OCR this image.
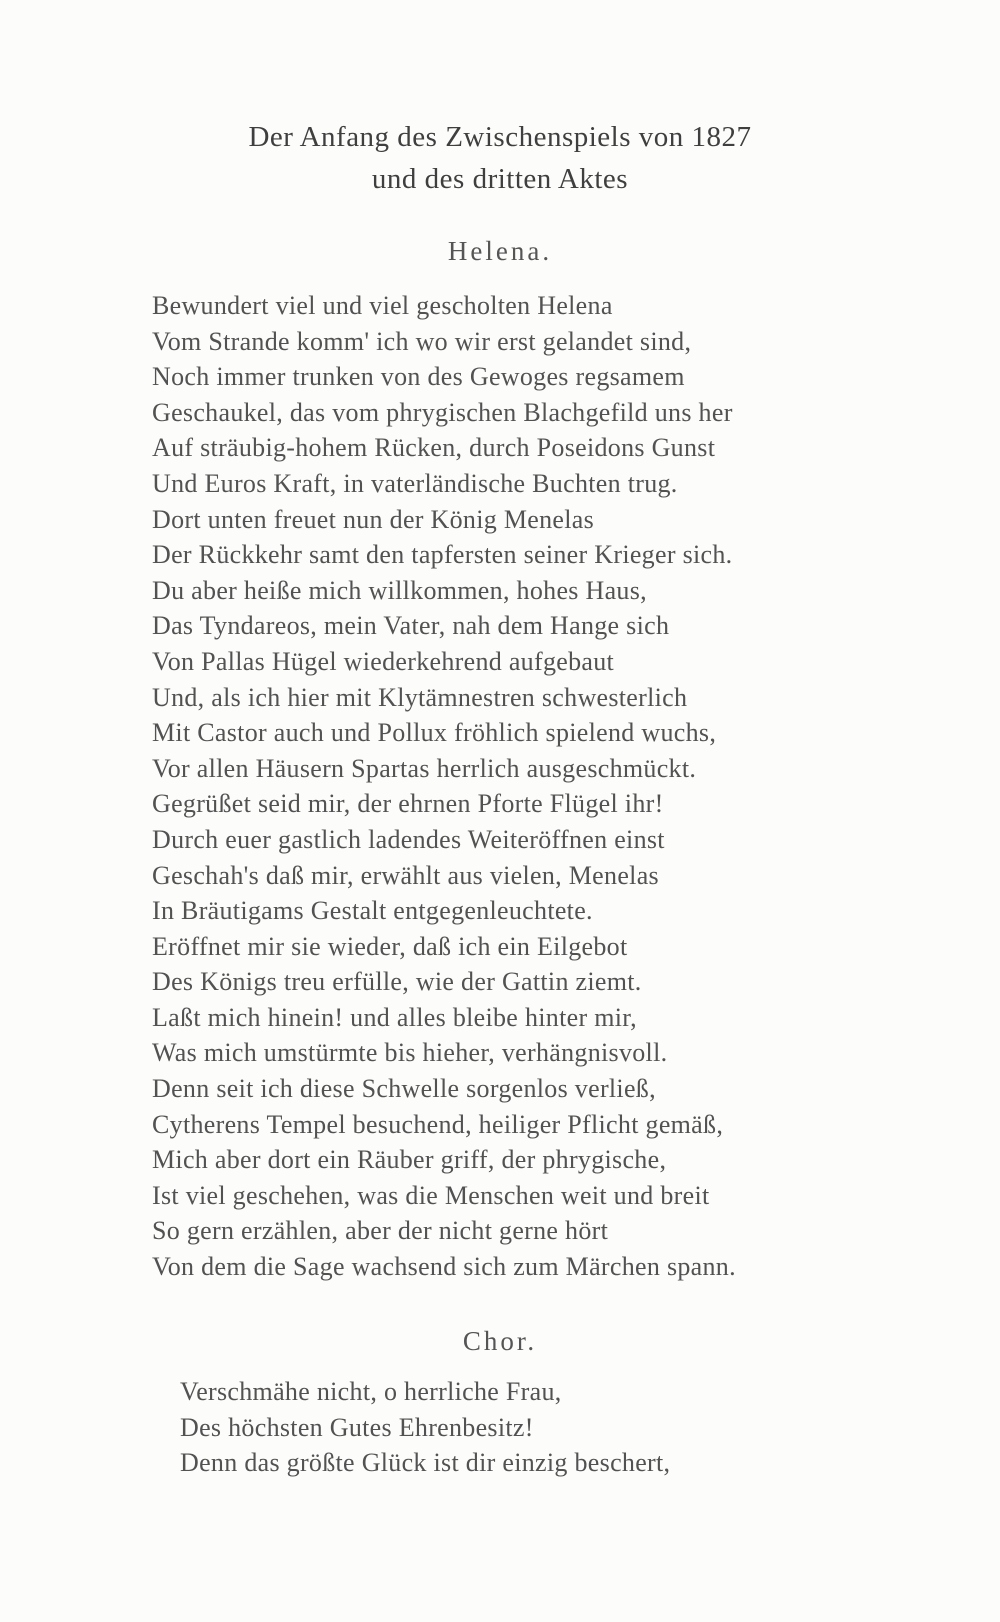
Der Anfang des Zwischenspiels von 1827
und des dritten Aktes
Helena.
Bewundert viel und viel gescholten Helena
Vom Strande komm' ich wo wir erst gelandet sind,
Noch immer trunken von des Gewoges regsamem
Geschaukel, das vom phrygischen Blachgefild uns her
Auf sträubig-hohem Rücken, durch Poseidons Gunst
Und Euros Kraft, in vaterländische Buchten trug.
Dort unten freuet nun der König Menelas
Der Rückkehr samt den tapfersten seiner Krieger sich.
Du aber heiße mich willkommen, hohes Haus,
Das Tyndareos, mein Vater, nah dem Hange sich
Von Pallas Hügel wiederkehrend aufgebaut
Und, als ich hier mit Klytämnestren schwesterlich
Mit Castor auch und Pollux fröhlich spielend wuchs,
Vor allen Häusern Spartas herrlich ausgeschmückt.
Gegrüßet seid mir, der ehrnen Pforte Flügel ihr!
Durch euer gastlich ladendes Weiteröffnen einst
Geschah's daß mir, erwählt aus vielen, Menelas
In Bräutigams Gestalt entgegenleuchtete.
Eröffnet mir sie wieder, daß ich ein Eilgebot
Des Königs treu erfülle, wie der Gattin ziemt.
Laßt mich hinein! und alles bleibe hinter mir,
Was mich umstürmte bis hieher, verhängnisvoll.
Denn seit ich diese Schwelle sorgenlos verließ,
Cytherens Tempel besuchend, heiliger Pflicht gemäß,
Mich aber dort ein Räuber griff, der phrygische,
Ist viel geschehen, was die Menschen weit und breit
So gern erzählen, aber der nicht gerne hört
Von dem die Sage wachsend sich zum Märchen spann.
Chor.
Verschmähe nicht, o herrliche Frau,
Des höchsten Gutes Ehrenbesitz!
Denn das größte Glück ist dir einzig beschert,
